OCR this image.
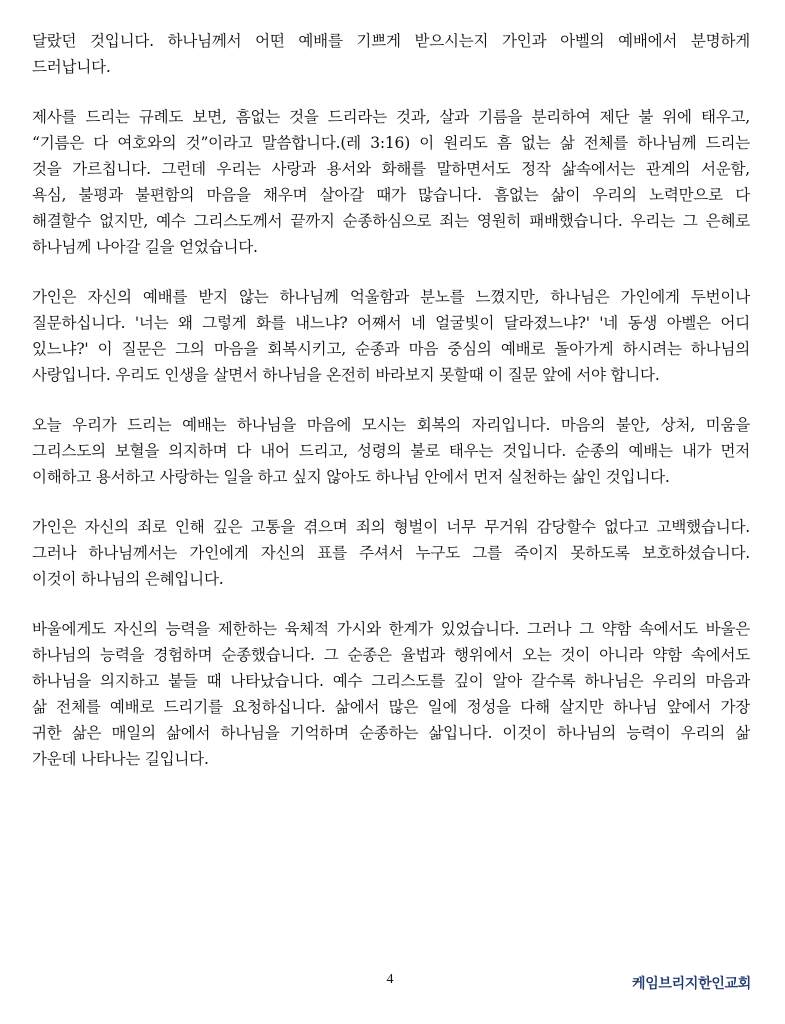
달랐던 것입니다. 하나님께서 어떤 예배를 기쁘게 받으시는지 가인과 아벨의 예배에서 분명하게
드러납니다.

제사를 드리는 규례도 보면, 흠없는 것을 드리라는 것과, 살과 기름을 분리하여 제단 불 위에 태우고,
“기름은 다 여호와의 것”이라고 말씀합니다.(레 3:16) 이 원리도 흠 없는 삶 전체를 하나님께 드리는
것을 가르칩니다. 그런데 우리는 사랑과 용서와 화해를 말하면서도 정작 삶속에서는 관계의 서운함,
욕심, 불평과 불편함의 마음을 채우며 살아갈 때가 많습니다. 흠없는 삶이 우리의 노력만으로 다
해결할수 없지만, 예수 그리스도께서 끝까지 순종하심으로 죄는 영원히 패배했습니다. 우리는 그 은혜로
하나님께 나아갈 길을 얻었습니다.

가인은 자신의 예배를 받지 않는 하나님께 억울함과 분노를 느꼈지만, 하나님은 가인에게 두번이나
질문하십니다. '너는 왜 그렇게 화를 내느냐? 어째서 네 얼굴빛이 달라졌느냐?' '네 동생 아벨은 어디
있느냐?' 이 질문은 그의 마음을 회복시키고, 순종과 마음 중심의 예배로 돌아가게 하시려는 하나님의
사랑입니다. 우리도 인생을 살면서 하나님을 온전히 바라보지 못할때 이 질문 앞에 서야 합니다.

오늘 우리가 드리는 예배는 하나님을 마음에 모시는 회복의 자리입니다. 마음의 불안, 상처, 미움을
그리스도의 보혈을 의지하며 다 내어 드리고, 성령의 불로 태우는 것입니다. 순종의 예배는 내가 먼저
이해하고 용서하고 사랑하는 일을 하고 싶지 않아도 하나님 안에서 먼저 실천하는 삶인 것입니다.

가인은 자신의 죄로 인해 깊은 고통을 겪으며 죄의 형벌이 너무 무거워 감당할수 없다고 고백했습니다.
그러나 하나님께서는 가인에게 자신의 표를 주셔서 누구도 그를 죽이지 못하도록 보호하셨습니다.
이것이 하나님의 은혜입니다.

바울에게도 자신의 능력을 제한하는 육체적 가시와 한계가 있었습니다. 그러나 그 약함 속에서도 바울은
하나님의 능력을 경험하며 순종했습니다. 그 순종은 율법과 행위에서 오는 것이 아니라 약함 속에서도
하나님을 의지하고 붙들 때 나타났습니다. 예수 그리스도를 깊이 알아 갈수록 하나님은 우리의 마음과
삶 전체를 예배로 드리기를 요청하십니다. 삶에서 많은 일에 정성을 다해 살지만 하나님 앞에서 가장
귀한 삶은 매일의 삶에서 하나님을 기억하며 순종하는 삶입니다. 이것이 하나님의 능력이 우리의 삶
가운데 나타나는 길입니다.

4	케임브리지한인교회
